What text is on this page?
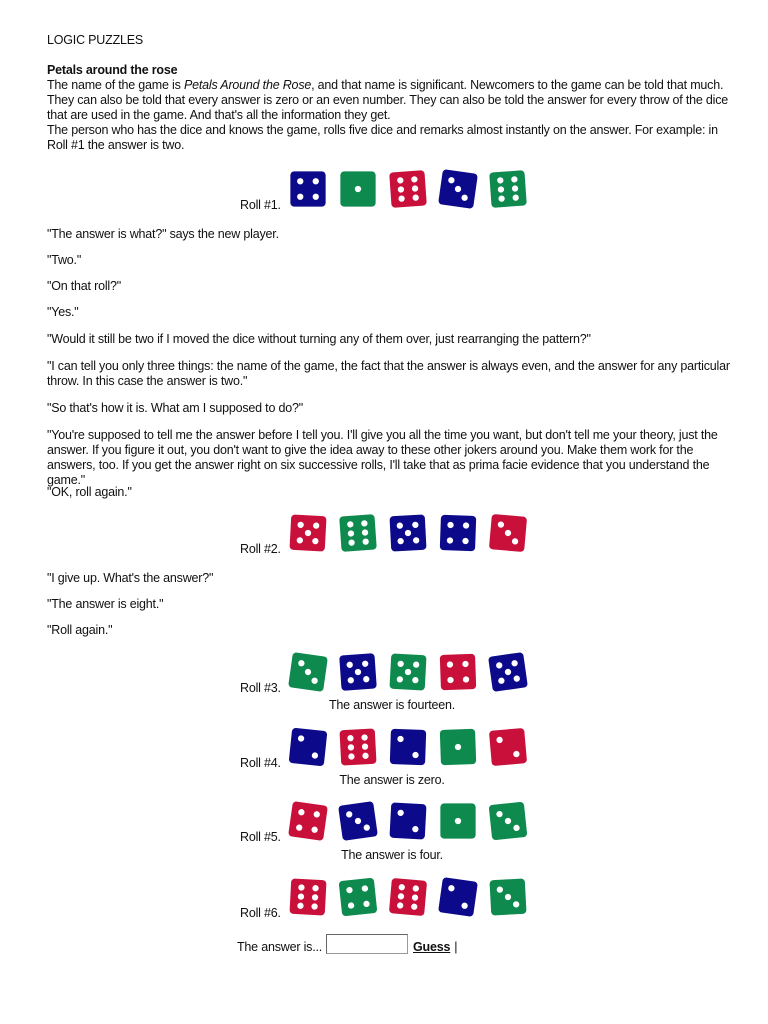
LOGIC PUZZLES
Petals around the rose

The name of the game is Petals Around the Rose, and that name is significant. Newcomers to the game can be told that much. They can also be told that every answer is zero or an even number. They can also be told the answer for every throw of the dice that are used in the game. And that's all the information they get.

The person who has the dice and knows the game, rolls five dice and remarks almost instantly on the answer. For example: in Roll #1 the answer is two.

"The answer is what?" says the new player.

"Two."

"On that roll?"

"Yes."

"Would it still be two if I moved the dice without turning any of them over, just rearranging the pattern?"

"I can tell you only three things: the name of the game, the fact that the answer is always even, and the answer for any particular throw. In this case the answer is two."

"So that's how it is. What am I supposed to do?"

"You're supposed to tell me the answer before I tell you. I'll give you all the time you want, but don't tell me your theory, just the answer. If you figure it out, you don't want to give the idea away to these other jokers around you. Make them work for the answers, too. If you get the answer right on six successive rolls, I'll take that as prima facie evidence that you understand the game."

"OK, roll again."

"I give up. What's the answer?"

"The answer is eight."

"Roll again."

Roll #1.
Roll #2.
Roll #3.
The answer is fourteen.
Roll #4.
The answer is zero.
Roll #5.
The answer is four.
Roll #6.
The answer is...	Guess |
